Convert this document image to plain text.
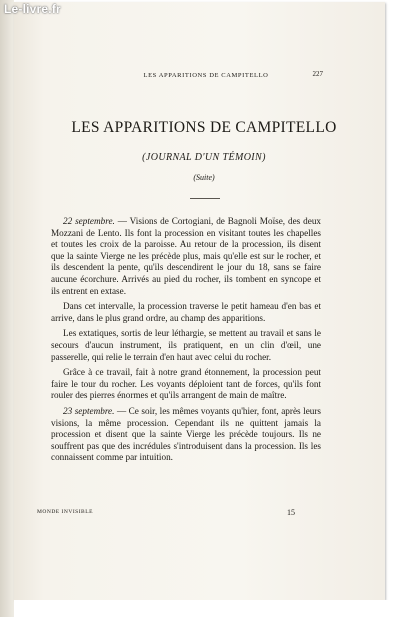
LES APPARITIONS DE CAMPITELLO	227
LES APPARITIONS DE CAMPITELLO
(JOURNAL D'UN TÉMOIN)
(Suite)

22 septembre. — Visions de Cortogiani, de Bagnoli Moïse, des deux Mozzani de Lento. Ils font la procession en visitant toutes les chapelles et toutes les croix de la paroisse. Au retour de la procession, ils disent que la sainte Vierge ne les précède plus, mais qu'elle est sur le rocher, et ils descendent la pente, qu'ils descendirent le jour du 18, sans se faire aucune écorchure. Arrivés au pied du rocher, ils tombent en syncope et ils entrent en extase.

Dans cet intervalle, la procession traverse le petit hameau d'en bas et arrive, dans le plus grand ordre, au champ des apparitions.

Les extatiques, sortis de leur léthargie, se mettent au travail et sans le secours d'aucun instrument, ils pratiquent, en un clin d'œil, une passerelle, qui relie le terrain d'en haut avec celui du rocher.

Grâce à ce travail, fait à notre grand étonnement, la procession peut faire le tour du rocher. Les voyants déploient tant de forces, qu'ils font rouler des pierres énormes et qu'ils arrangent de main de maître.

23 septembre. — Ce soir, les mêmes voyants qu'hier, font, après leurs visions, la même procession. Cependant ils ne quittent jamais la procession et disent que la sainte Vierge les précède toujours. Ils ne souffrent pas que des incrédules s'introduisent dans la procession. Ils les connaissent comme par intuition.

MONDE INVISIBLE	15
Le-livre.fr
